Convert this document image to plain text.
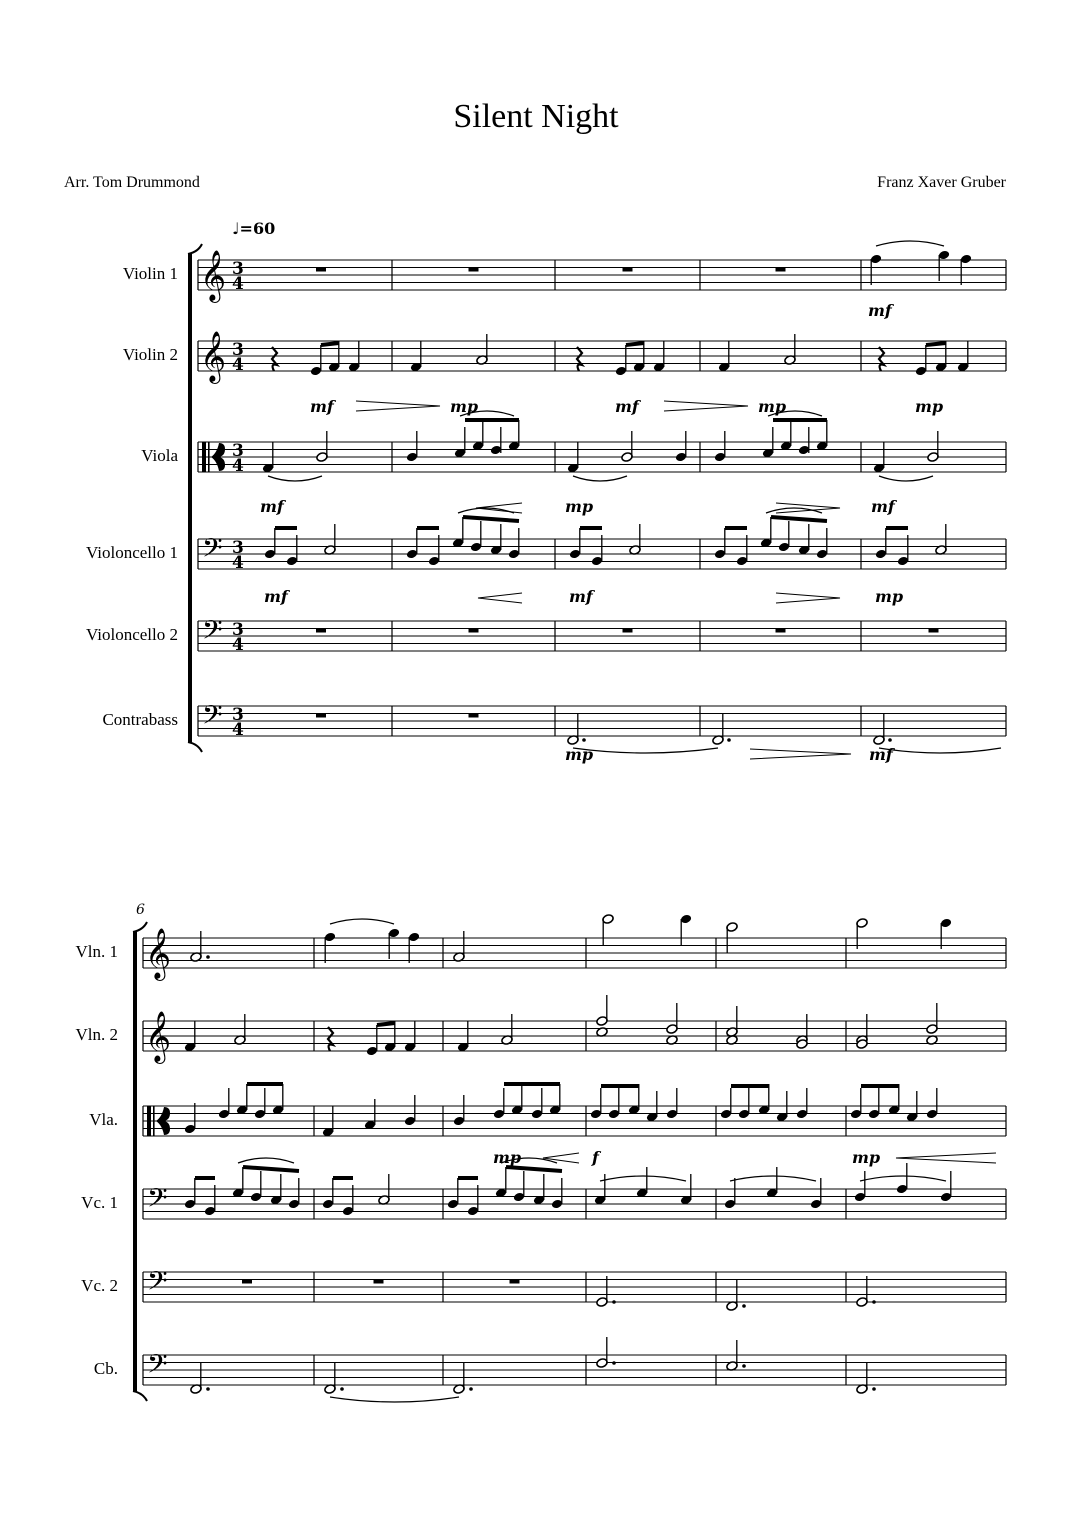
Silent Night
Arr. Tom Drummond	Franz Xaver Gruber
♩=60
6
Violin 1 𝄞 3
4
Violin 2 𝄞 3
4
Viola	3
4
Violoncello 1 𝄢 3
4
Violoncello 2 𝄢 3
4
Contrabass 𝄢 3
4
mf
mf	mp	mf	mp	mp
mf	mp	mf
mf	mf	mp
mp	mf
Vln. 1 𝄞
Vln. 2 𝄞
Vla.
Vc. 1 𝄢
Vc. 2 𝄢
Cb. 𝄢
mp	f	mp
